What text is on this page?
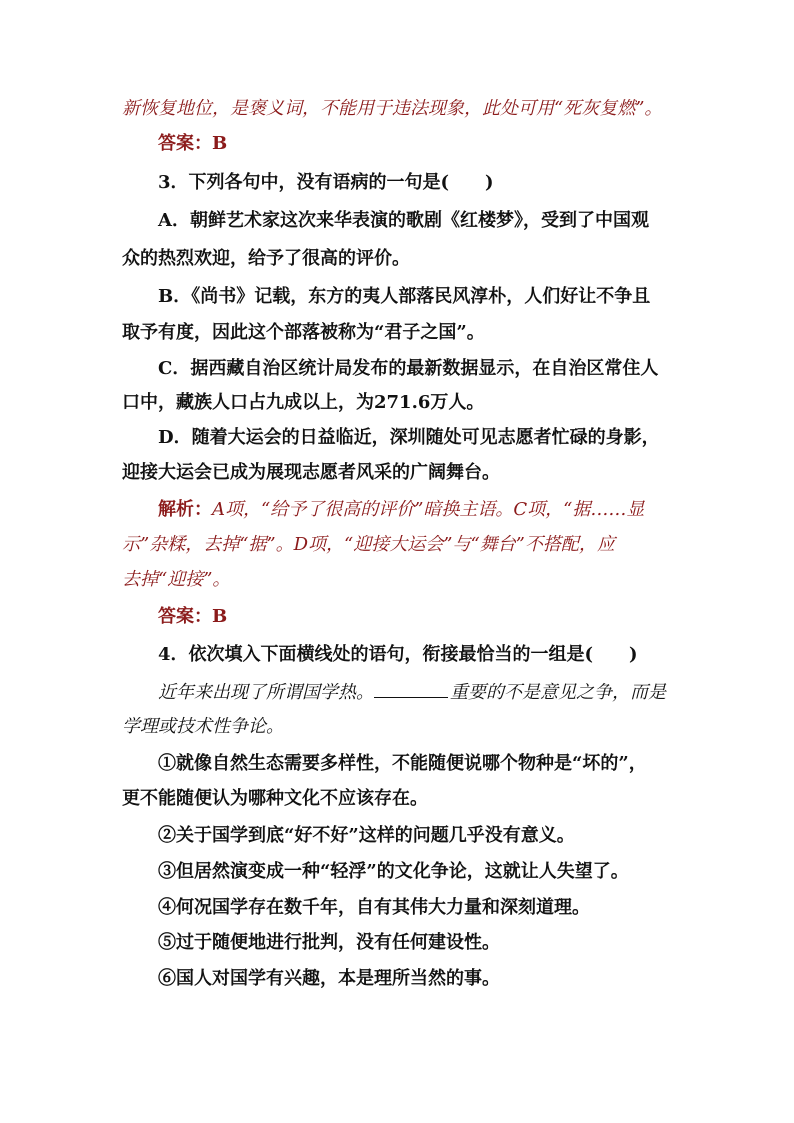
新恢复地位，是褒义词，不能用于违法现象，此处可用“死灰复燃”。
答案：B
3．下列各句中，没有语病的一句是(　　)
A．朝鲜艺术家这次来华表演的歌剧《红楼梦》，受到了中国观
众的热烈欢迎，给予了很高的评价。
B．《尚书》记载，东方的夷人部落民风淳朴，人们好让不争且
取予有度，因此这个部落被称为“君子之国”。
C．据西藏自治区统计局发布的最新数据显示，在自治区常住人
口中，藏族人口占九成以上，为271.6万人。
D．随着大运会的日益临近，深圳随处可见志愿者忙碌的身影，
迎接大运会已成为展现志愿者风采的广阔舞台。
解析：A项，“给予了很高的评价”暗换主语。C项，“据……显
示”杂糅，去掉“据”。D项，“迎接大运会”与“舞台”不搭配，应
去掉“迎接”。
答案：B
4．依次填入下面横线处的语句，衔接最恰当的一组是(　　)
近年来出现了所谓国学热。	重要的不是意见之争，而是
学理或技术性争论。
①就像自然生态需要多样性，不能随便说哪个物种是“坏的”，
更不能随便认为哪种文化不应该存在。
②关于国学到底“好不好”这样的问题几乎没有意义。
③但居然演变成一种“轻浮”的文化争论，这就让人失望了。
④何况国学存在数千年，自有其伟大力量和深刻道理。
⑤过于随便地进行批判，没有任何建设性。
⑥国人对国学有兴趣，本是理所当然的事。
